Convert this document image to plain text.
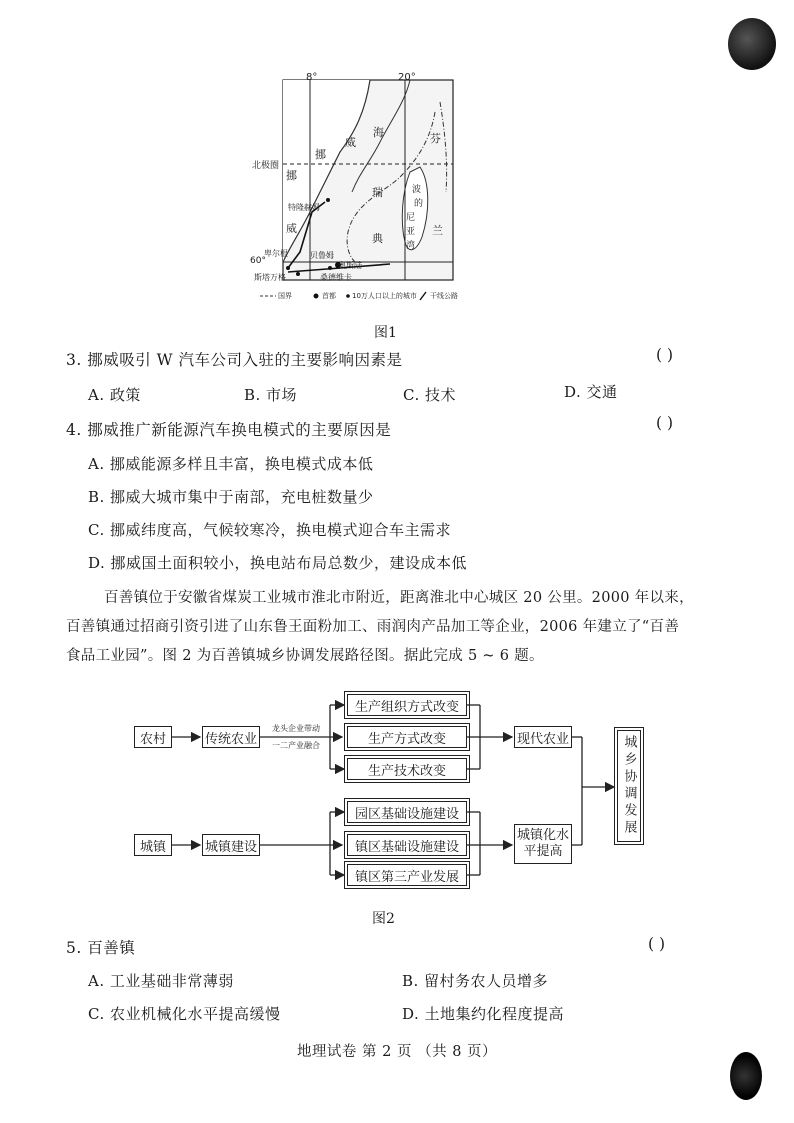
8°	20°
北极圈
60°
挪
威
海
瑞
典
挪
威
芬
兰
波
的
尼
亚
湾
特隆赫姆
卑尔根
斯塔万格
贝鲁姆
奥斯陆
桑德维卡
国界	首都 10万人口以上的城市 干线公路
图1
3. 挪威吸引 W 汽车公司入驻的主要影响因素是	( )
A. 政策	B. 市场	C. 技术	D. 交通
4. 挪威推广新能源汽车换电模式的主要原因是	( )
A. 挪威能源多样且丰富，换电模式成本低
B. 挪威大城市集中于南部，充电桩数量少
C. 挪威纬度高，气候较寒冷，换电模式迎合车主需求
D. 挪威国土面积较小，换电站布局总数少，建设成本低
百善镇位于安徽省煤炭工业城市淮北市附近，距离淮北中心城区 20 公里。2000 年以来，
百善镇通过招商引资引进了山东鲁王面粉加工、雨润肉产品加工等企业，2006 年建立了“百善
食品工业园”。图 2 为百善镇城乡协调发展路径图。据此完成 5 ~ 6 题。
农村	传统农业
龙头企业带动
一二产业融合
生产组织方式改变
生产方式改变
生产技术改变
现代农业
城镇	城镇建设
园区基础设施建设
镇区基础设施建设
镇区第三产业发展
城镇化水
平提高
城乡协调发展
图2
5. 百善镇	( )
A. 工业基础非常薄弱	B. 留村务农人员增多
C. 农业机械化水平提高缓慢	D. 土地集约化程度提高
地理试卷 第 2 页 （共 8 页）
